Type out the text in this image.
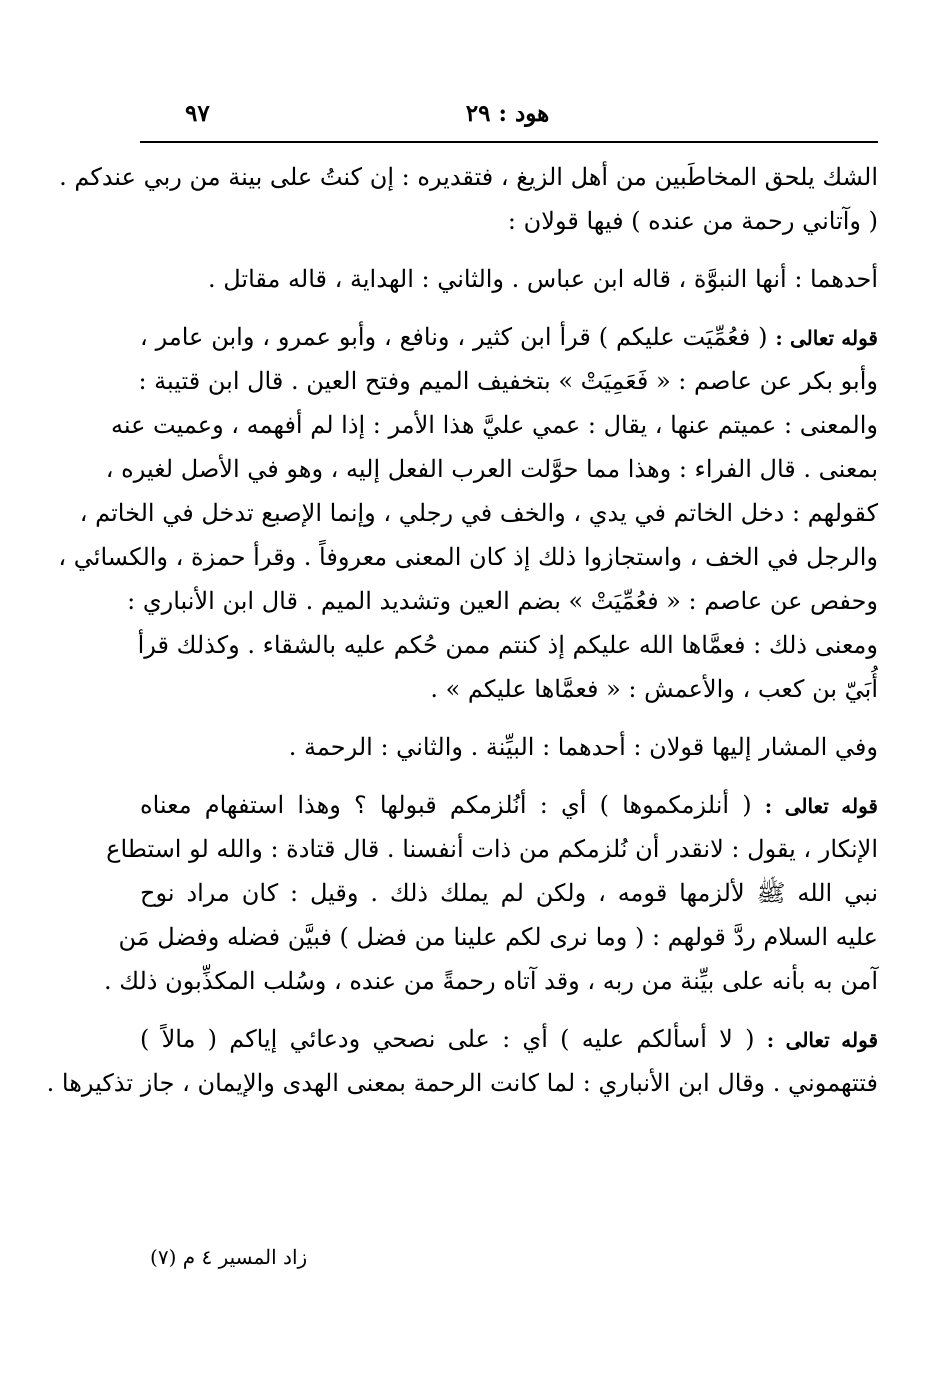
٩٧	هود : ٢٩
الشك يلحق المخاطَبين من أهل الزيغ ، فتقديره : إن كنتُ على بينة من ربي عندكم .
( وآتاني رحمة من عنده ) فيها قولان :
أحدهما : أنها النبوَّة ، قاله ابن عباس . والثاني : الهداية ، قاله مقاتل .
قوله تعالى : ( فعُمِّيَت عليكم ) قرأ ابن كثير ، ونافع ، وأبو عمرو ، وابن عامر ،
وأبو بكر عن عاصم : « فَعَمِيَتْ » بتخفيف الميم وفتح العين . قال ابن قتيبة :
والمعنى : عميتم عنها ، يقال : عمي عليَّ هذا الأمر : إذا لم أفهمه ، وعميت عنه
بمعنى . قال الفراء : وهذا مما حوَّلت العرب الفعل إليه ، وهو في الأصل لغيره ،
كقولهم : دخل الخاتم في يدي ، والخف في رجلي ، وإنما الإصبع تدخل في الخاتم ،
والرجل في الخف ، واستجازوا ذلك إذ كان المعنى معروفاً . وقرأ حمزة ، والكسائي ،
وحفص عن عاصم : « فعُمِّيَتْ » بضم العين وتشديد الميم . قال ابن الأنباري :
ومعنى ذلك : فعمَّاها الله عليكم إذ كنتم ممن حُكم عليه بالشقاء . وكذلك قرأ
أُبَيّ بن كعب ، والأعمش : « فعمَّاها عليكم » .
وفي المشار إليها قولان : أحدهما : البيِّنة . والثاني : الرحمة .
قوله تعالى : ( أنلزمكموها ) أي : أنُلزمكم قبولها ؟ وهذا استفهام معناه
الإنكار ، يقول : لانقدر أن نُلزمكم من ذات أنفسنا . قال قتادة : والله لو استطاع
نبي الله ﷺ لألزمها قومه ، ولكن لم يملك ذلك . وقيل : كان مراد نوح
عليه السلام ردَّ قولهم : ( وما نرى لكم علينا من فضل ) فبيَّن فضله وفضل مَن
آمن به بأنه على بيِّنة من ربه ، وقد آتاه رحمةً من عنده ، وسُلب المكذِّبون ذلك .
قوله تعالى : ( لا أسألكم عليه ) أي : على نصحي ودعائي إياكم ( مالاً )
فتتهموني . وقال ابن الأنباري : لما كانت الرحمة بمعنى الهدى والإيمان ، جاز تذكيرها .
زاد المسير ٤ م (٧)
